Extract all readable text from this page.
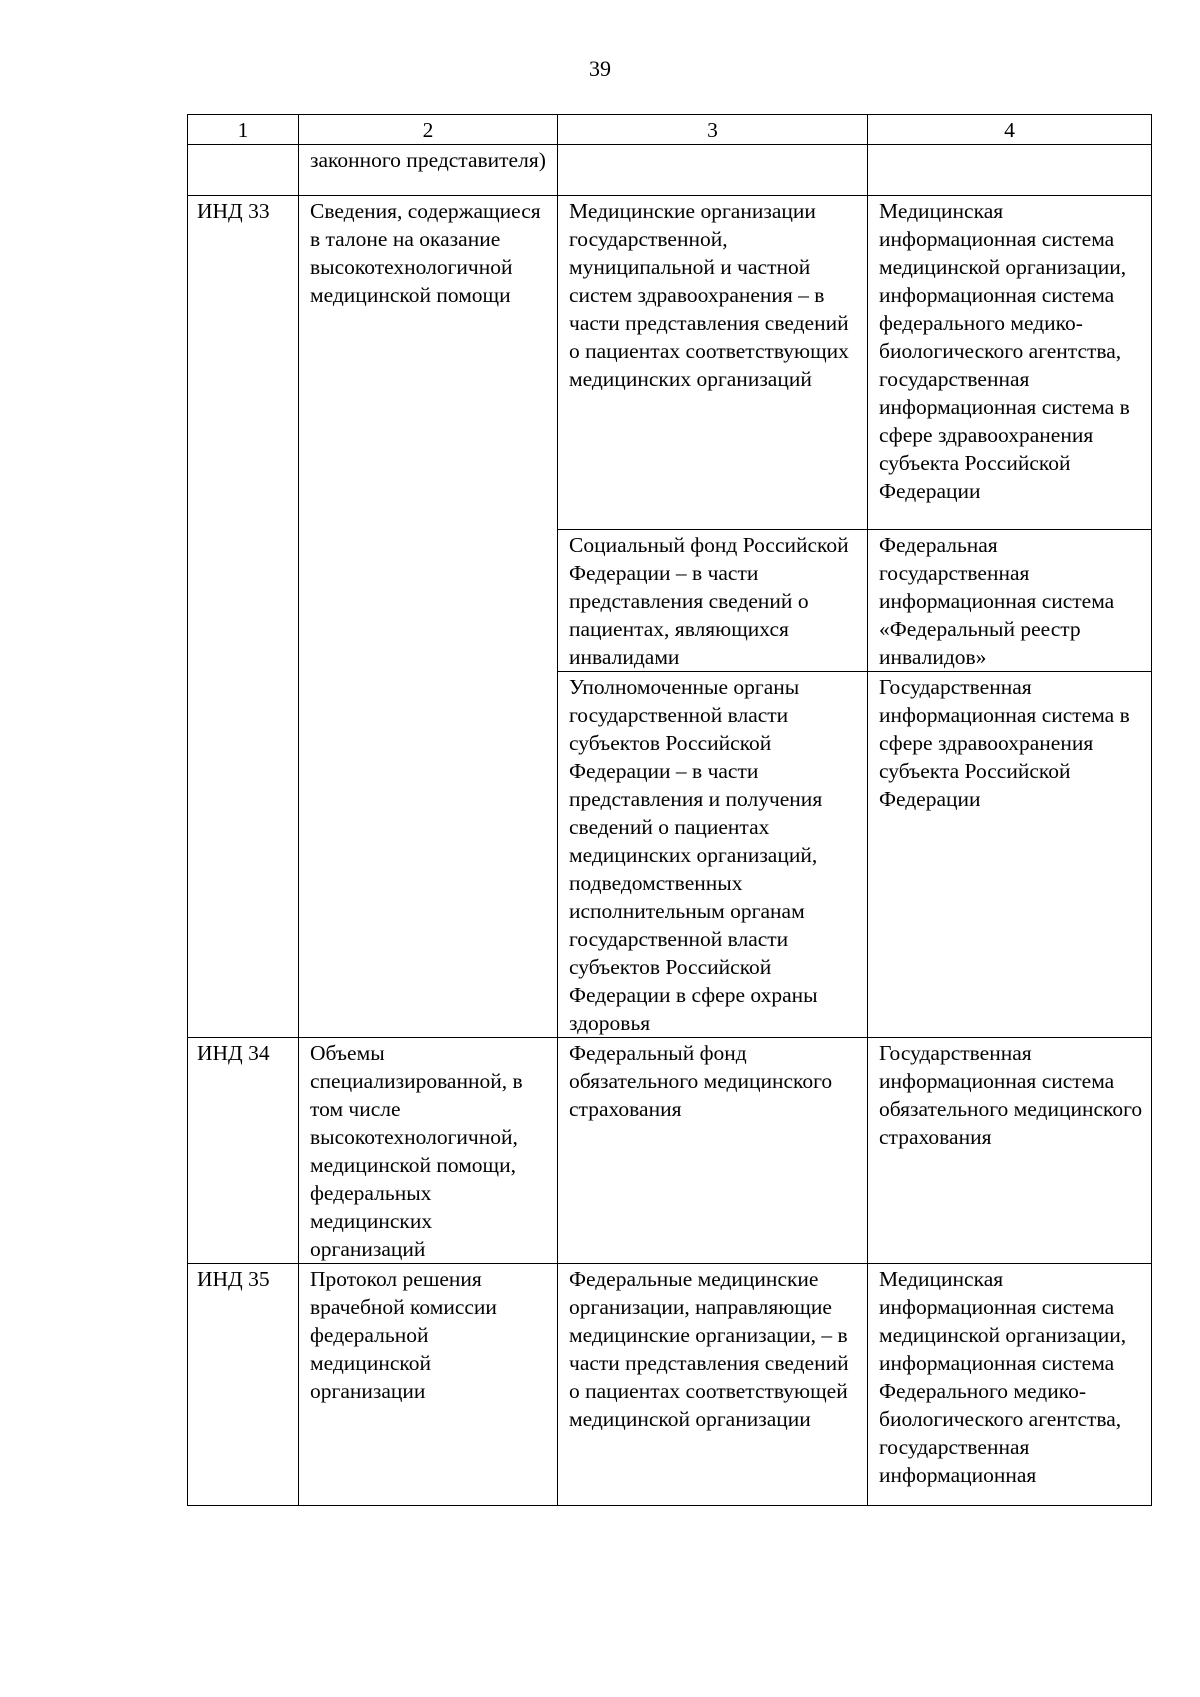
39
1	2	3	4
	законного представителя)		
ИНД 33	Сведения, содержащиеся в талоне на оказание высокотехнологичной медицинской помощи	Медицинские организации государственной, муниципальной и частной систем здравоохранения – в части представления сведений о пациентах соответствующих медицинских организаций	Медицинская информационная система медицинской организации, информационная система федерального медико-биологического агентства, государственная информационная система в сфере здравоохранения субъекта Российской Федерации
		Социальный фонд Российской Федерации – в части представления сведений о пациентах, являющихся инвалидами	Федеральная государственная информационная система «Федеральный реестр инвалидов»
		Уполномоченные органы государственной власти субъектов Российской Федерации – в части представления и получения сведений о пациентах медицинских организаций, подведомственных исполнительным органам государственной власти субъектов Российской Федерации в сфере охраны здоровья	Государственная информационная система в сфере здравоохранения субъекта Российской Федерации
ИНД 34	Объемы специализированной, в том числе высокотехнологичной, медицинской помощи, федеральных медицинских организаций	Федеральный фонд обязательного медицинского страхования	Государственная информационная система обязательного медицинского страхования
ИНД 35	Протокол решения врачебной комиссии федеральной медицинской организации	Федеральные медицинские организации, направляющие медицинские организации, – в части представления сведений о пациентах соответствующей медицинской организации	Медицинская информационная система медицинской организации, информационная система Федерального медико-биологического агентства, государственная информационная
